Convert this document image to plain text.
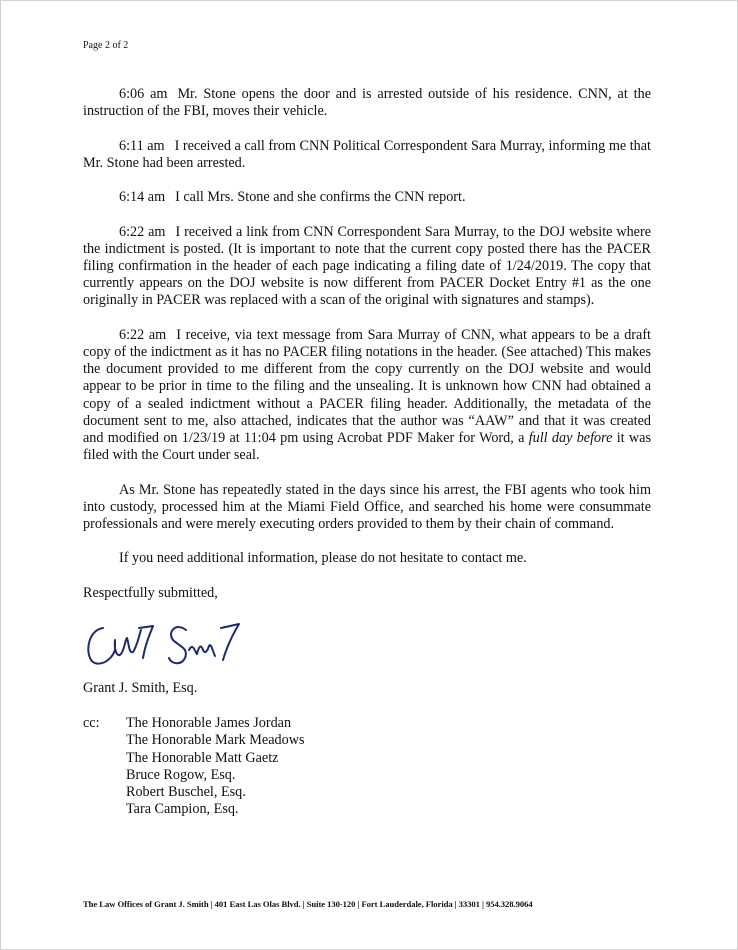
Page 2 of 2

6:06 am Mr. Stone opens the door and is arrested outside of his residence. CNN, at the instruction of the FBI, moves their vehicle.

6:11 am I received a call from CNN Political Correspondent Sara Murray, informing me that Mr. Stone had been arrested.

6:14 am I call Mrs. Stone and she confirms the CNN report.

6:22 am I received a link from CNN Correspondent Sara Murray, to the DOJ website where the indictment is posted. (It is important to note that the current copy posted there has the PACER filing confirmation in the header of each page indicating a filing date of 1/24/2019. The copy that currently appears on the DOJ website is now different from PACER Docket Entry #1 as the one originally in PACER was replaced with a scan of the original with signatures and stamps).

6:22 am I receive, via text message from Sara Murray of CNN, what appears to be a draft copy of the indictment as it has no PACER filing notations in the header. (See attached) This makes the document provided to me different from the copy currently on the DOJ website and would appear to be prior in time to the filing and the unsealing. It is unknown how CNN had obtained a copy of a sealed indictment without a PACER filing header. Additionally, the metadata of the document sent to me, also attached, indicates that the author was “AAW” and that it was created and modified on 1/23/19 at 11:04 pm using Acrobat PDF Maker for Word, a full day before it was filed with the Court under seal.

As Mr. Stone has repeatedly stated in the days since his arrest, the FBI agents who took him into custody, processed him at the Miami Field Office, and searched his home were consummate professionals and were merely executing orders provided to them by their chain of command.

If you need additional information, please do not hesitate to contact me.

Respectfully submitted,
Grant J. Smith, Esq.
cc:	The Honorable James Jordan
The Honorable Mark Meadows
The Honorable Matt Gaetz
Bruce Rogow, Esq.
Robert Buschel, Esq.
Tara Campion, Esq.
The Law Offices of Grant J. Smith | 401 East Las Olas Blvd. | Suite 130-120 | Fort Lauderdale, Florida | 33301 | 954.328.9064
